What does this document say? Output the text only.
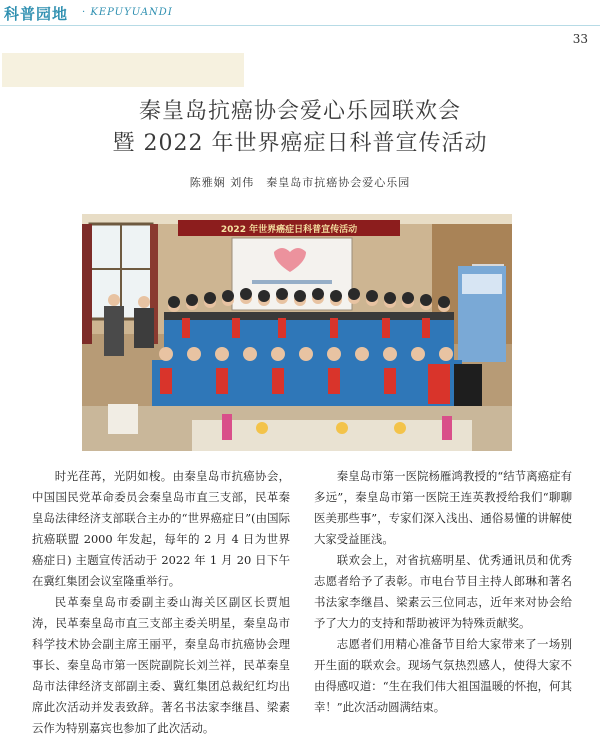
科普园地 · KEPUYUANDI
33
秦皇岛抗癌协会爱心乐园联欢会
暨 2022 年世界癌症日科普宣传活动
陈雅娴 刘伟　秦皇岛市抗癌协会爱心乐园
2022 年世界癌症日科普宣传活动

时光荏苒，光阴如梭。由秦皇岛市抗癌协会，中国国民党革命委员会秦皇岛市直三支部，民革秦皇岛法律经济支部联合主办的“世界癌症日”(由国际抗癌联盟 2000 年发起，每年的 2 月 4 日为世界癌症日) 主题宣传活动于 2022 年 1 月 20 日下午在冀红集团会议室隆重举行。

民革秦皇岛市委副主委山海关区副区长贾旭涛，民革秦皇岛市直三支部主委关明星，秦皇岛市科学技术协会副主席王丽平，秦皇岛市抗癌协会理事长、秦皇岛市第一医院副院长刘兰祥，民革秦皇岛市法律经济支部副主委、冀红集团总裁纪红均出席此次活动并发表致辞。著名书法家李继昌、梁素云作为特别嘉宾也参加了此次活动。

秦皇岛市第一医院杨雁鸿教授的“结节离癌症有多远”，秦皇岛市第一医院王连英教授给我们“聊聊医美那些事”，专家们深入浅出、通俗易懂的讲解使大家受益匪浅。

联欢会上，对省抗癌明星、优秀通讯员和优秀志愿者给予了表彰。市电台节目主持人郎琳和著名书法家李继昌、梁素云三位同志，近年来对协会给予了大力的支持和帮助被评为特殊贡献奖。

志愿者们用精心准备节目给大家带来了一场别开生面的联欢会。现场气氛热烈感人，使得大家不由得感叹道：“生在我们伟大祖国温暖的怀抱，何其幸！”此次活动圆满结束。
